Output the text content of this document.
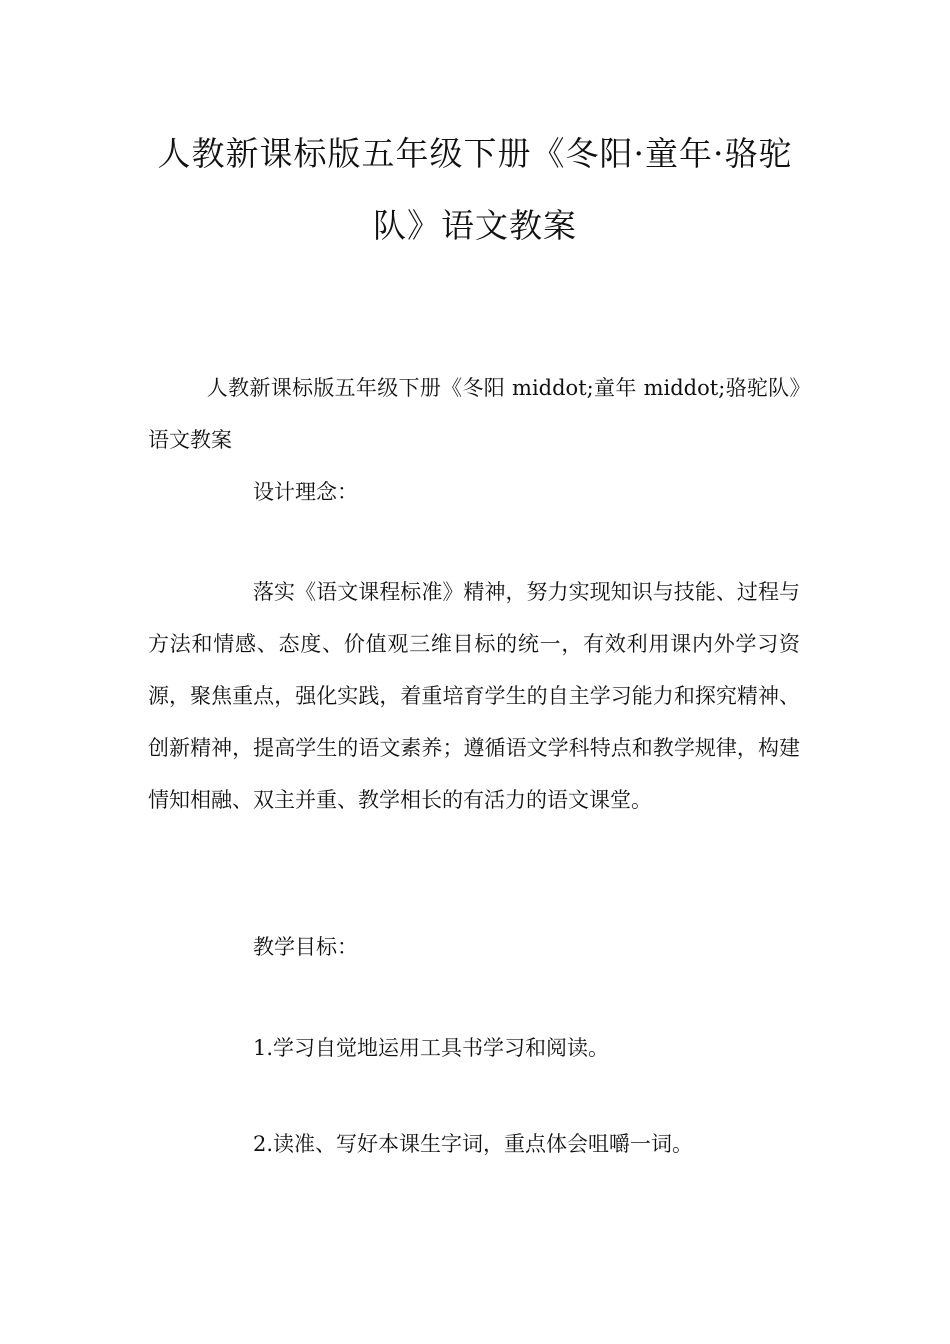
人教新课标版五年级下册《冬阳·童年·骆驼队》语文教案

人教新课标版五年级下册《冬阳 middot;童年 middot;骆驼队》语文教案

设计理念：

落实《语文课程标准》精神，努力实现知识与技能、过程与方法和情感、态度、价值观三维目标的统一，有效利用课内外学习资源，聚焦重点，强化实践，着重培育学生的自主学习能力和探究精神、创新精神，提高学生的语文素养；遵循语文学科特点和教学规律，构建情知相融、双主并重、教学相长的有活力的语文课堂。

教学目标：

1.学习自觉地运用工具书学习和阅读。

2.读准、写好本课生字词，重点体会咀嚼一词。
